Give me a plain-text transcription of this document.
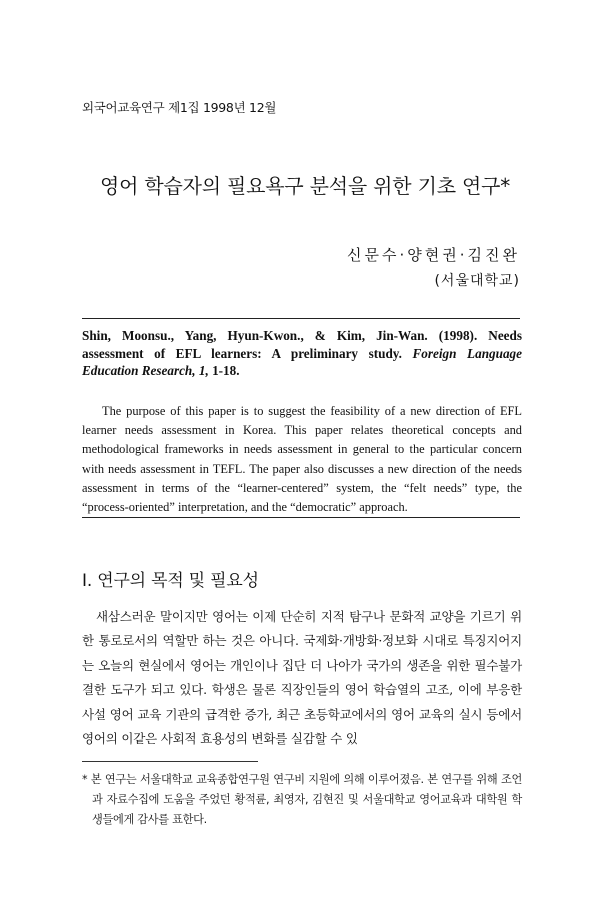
외국어교육연구 제1집 1998년 12월
영어 학습자의 필요욕구 분석을 위한 기초 연구*
신문수·양현권·김진완
(서울대학교)
Shin, Moonsu., Yang, Hyun-Kwon., & Kim, Jin-Wan. (1998). Needs assessment of EFL learners: A preliminary study. Foreign Language Education Research, 1, 1-18.

The purpose of this paper is to suggest the feasibility of a new direction of EFL learner needs assessment in Korea. This paper relates theoretical concepts and methodological frameworks in needs assessment in general to the particular concern with needs assessment in TEFL. The paper also discusses a new direction of the needs assessment in terms of the “learner-centered” system, the “felt needs” type, the “process-oriented” interpretation, and the “democratic” approach.

Ⅰ. 연구의 목적 및 필요성

새삼스러운 말이지만 영어는 이제 단순히 지적 탐구나 문화적 교양을 기르기 위한 통로로서의 역할만 하는 것은 아니다. 국제화·개방화·정보화 시대로 특징지어지는 오늘의 현실에서 영어는 개인이나 집단 더 나아가 국가의 생존을 위한 필수불가결한 도구가 되고 있다. 학생은 물론 직장인들의 영어 학습열의 고조, 이에 부응한 사설 영어 교육 기관의 급격한 증가, 최근 초등학교에서의 영어 교육의 실시 등에서 영어의 이같은 사회적 효용성의 변화를 실감할 수 있

* 본 연구는 서울대학교 교육종합연구원 연구비 지원에 의해 이루어졌음. 본 연구를 위해 조언과 자료수집에 도움을 주었던 황적륜, 최영자, 김현진 및 서울대학교 영어교육과 대학원 학생들에게 감사를 표한다.
